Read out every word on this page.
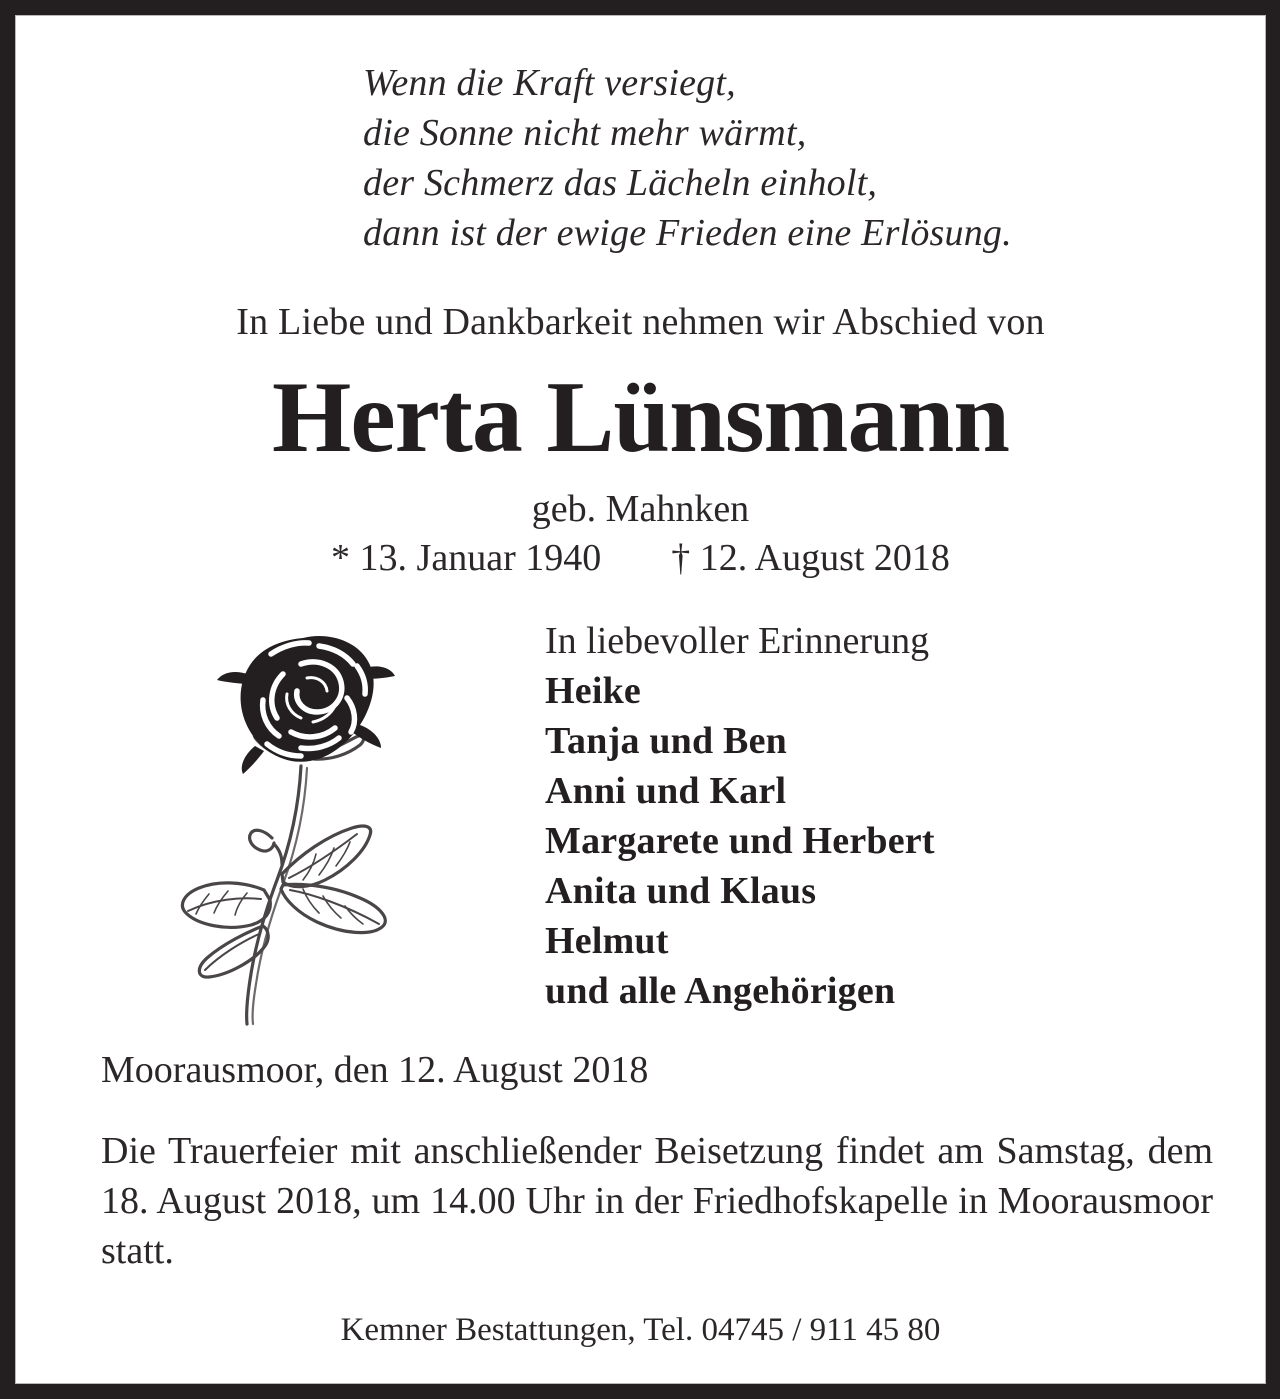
Wenn die Kraft versiegt,
die Sonne nicht mehr wärmt,
der Schmerz das Lächeln einholt,
dann ist der ewige Frieden eine Erlösung.
In Liebe und Dankbarkeit nehmen wir Abschied von
Herta Lünsmann
geb. Mahnken
* 13. Januar 1940 † 12. August 2018
In liebevoller Erinnerung
Heike
Tanja und Ben
Anni und Karl
Margarete und Herbert
Anita und Klaus
Helmut
und alle Angehörigen
Moorausmoor, den 12. August 2018
Die Trauerfeier mit anschließender Beisetzung findet am Samstag, dem 18. August 2018, um 14.00 Uhr in der Friedhofskapelle in Moorausmoor statt.
Kemner Bestattungen, Tel. 04745 / 911 45 80
